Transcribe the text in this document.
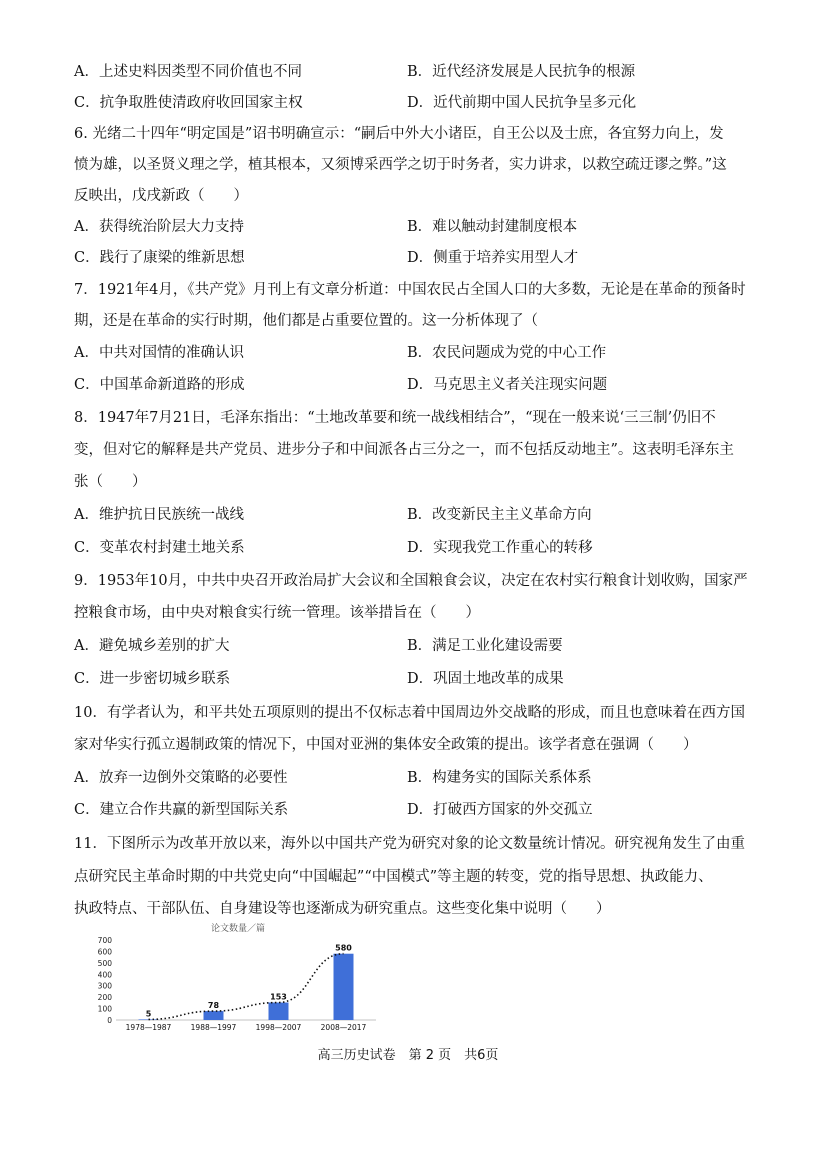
A．上述史料因类型不同价值也不同	B．近代经济发展是人民抗争的根源
C．抗争取胜使清政府收回国家主权	D．近代前期中国人民抗争呈多元化
6. 光绪二十四年“明定国是”诏书明确宣示：“嗣后中外大小诸臣，自王公以及士庶，各宜努力向上，发
愤为雄，以圣贤义理之学，植其根本，又须博采西学之切于时务者，实力讲求，以救空疏迂谬之弊。”这
反映出，戊戌新政（　　）
A．获得统治阶层大力支持	B．难以触动封建制度根本
C．践行了康梁的维新思想	D．侧重于培养实用型人才
7．1921年4月，《共产党》月刊上有文章分析道：中国农民占全国人口的大多数，无论是在革命的预备时
期，还是在革命的实行时期，他们都是占重要位置的。这一分析体现了（
A．中共对国情的准确认识	B．农民问题成为党的中心工作
C．中国革命新道路的形成	D．马克思主义者关注现实问题
8．1947年7月21日，毛泽东指出：“土地改革要和统一战线相结合”，“现在一般来说‘三三制’仍旧不
变，但对它的解释是共产党员、进步分子和中间派各占三分之一，而不包括反动地主”。这表明毛泽东主
张（　　）
A．维护抗日民族统一战线	B．改变新民主主义革命方向
C．变革农村封建土地关系	D．实现我党工作重心的转移
9．1953年10月，中共中央召开政治局扩大会议和全国粮食会议，决定在农村实行粮食计划收购，国家严
控粮食市场，由中央对粮食实行统一管理。该举措旨在（　　）
A．避免城乡差别的扩大	B．满足工业化建设需要
C．进一步密切城乡联系	D．巩固土地改革的成果
10．有学者认为，和平共处五项原则的提出不仅标志着中国周边外交战略的形成，而且也意味着在西方国
家对华实行孤立遏制政策的情况下，中国对亚洲的集体安全政策的提出。该学者意在强调（　　）
A．放弃一边倒外交策略的必要性	B．构建务实的国际关系体系
C．建立合作共赢的新型国际关系	D．打破西方国家的外交孤立
11．下图所示为改革开放以来，海外以中国共产党为研究对象的论文数量统计情况。研究视角发生了由重
点研究民主革命时期的中共党史向“中国崛起”“中国模式”等主题的转变，党的指导思想、执政能力、
执政特点、干部队伍、自身建设等也逐渐成为研究重点。这些变化集中说明（　　）
论文数量／篇
0
100
200
300
400
500
600
700
5
1978—1987
78
1988—1997
153
1998—2007
580
2008—2017
高三历史试卷　第 2 页　共6页
